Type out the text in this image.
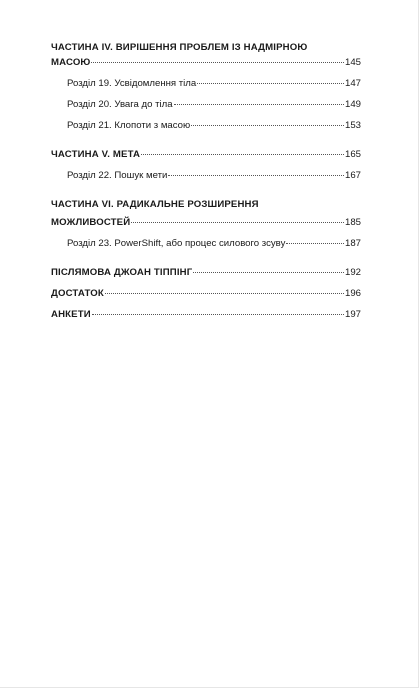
ЧАСТИНА IV. ВИРІШЕННЯ ПРОБЛЕМ ІЗ НАДМІРНОЮ
МАСОЮ	145
Розділ 19. Усвідомлення тіла	147
Розділ 20. Увага до тіла	149
Розділ 21. Клопоти з масою	153
ЧАСТИНА V. МЕТА	165
Розділ 22. Пошук мети	167
ЧАСТИНА VI. РАДИКАЛЬНЕ РОЗШИРЕННЯ
МОЖЛИВОСТЕЙ	185
Розділ 23. PowerShift, або процес силового зсуву	187
ПІСЛЯМОВА ДЖОАН ТІППІНГ	192
ДОСТАТОК	196
АНКЕТИ	197
